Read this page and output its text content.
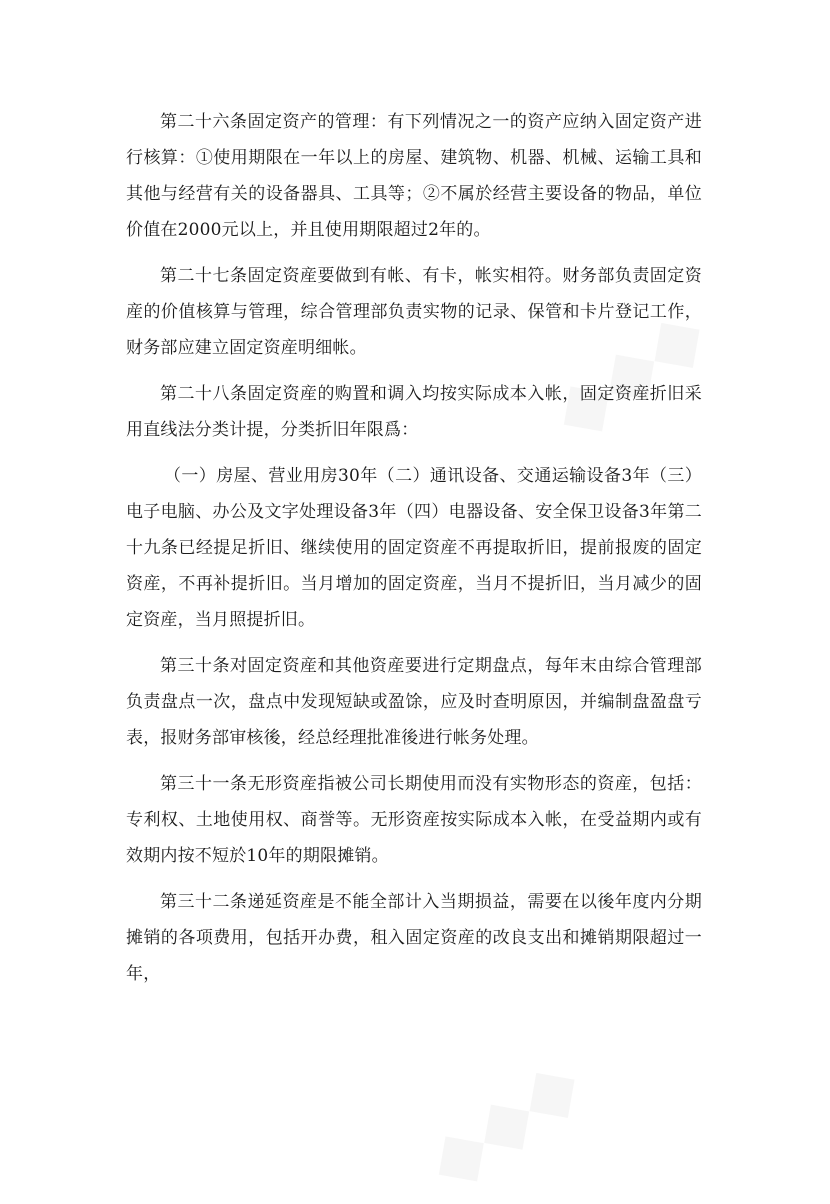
第二十六条固定资产的管理：有下列情况之一的资产应纳入固定资产进行核算：①使用期限在一年以上的房屋、建筑物、机器、机械、运输工具和其他与经营有关的设备器具、工具等；②不属於经营主要设备的物品，单位价值在2000元以上，并且使用期限超过2年的。

第二十七条固定资産要做到有帐、有卡，帐实相符。财务部负责固定资産的价值核算与管理，综合管理部负责实物的记录、保管和卡片登记工作，财务部应建立固定资産明细帐。

第二十八条固定资産的购置和调入均按实际成本入帐，固定资産折旧采用直线法分类计提，分类折旧年限爲：

（一）房屋、营业用房30年（二）通讯设备、交通运输设备3年（三）电子电脑、办公及文字处理设备3年（四）电器设备、安全保卫设备3年第二十九条已经提足折旧、继续使用的固定资産不再提取折旧，提前报废的固定资産，不再补提折旧。当月增加的固定资産，当月不提折旧，当月减少的固定资産，当月照提折旧。

第三十条对固定资産和其他资産要进行定期盘点，每年末由综合管理部负责盘点一次，盘点中发现短缺或盈馀，应及时查明原因，并编制盘盈盘亏表，报财务部审核後，经总经理批准後进行帐务处理。

第三十一条无形资産指被公司长期使用而没有实物形态的资産，包括：专利权、土地使用权、商誉等。无形资産按实际成本入帐，在受益期内或有效期内按不短於10年的期限摊销。

第三十二条递延资産是不能全部计入当期损益，需要在以後年度内分期摊销的各项费用，包括开办费，租入固定资産的改良支出和摊销期限超过一年，
